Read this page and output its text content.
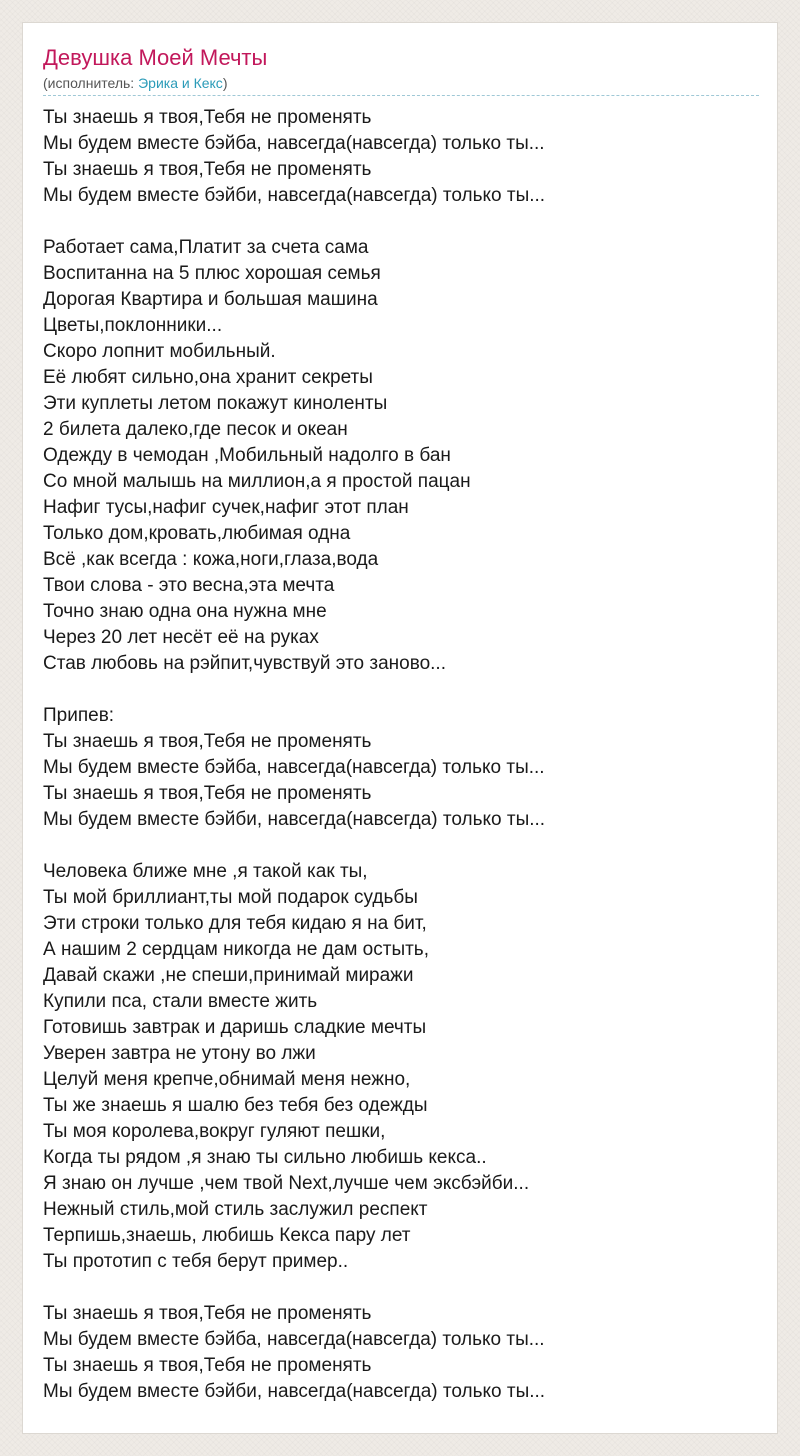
Девушка Моей Мечты
(исполнитель: Эрика и Кекс)
Ты знаешь я твоя,Тебя не променять
Мы будем вместе бэйба, навсегда(навсегда) только ты...
Ты знаешь я твоя,Тебя не променять
Мы будем вместе бэйби, навсегда(навсегда) только ты...
Работает сама,Платит за счета сама
Воспитанна на 5 плюс хорошая семья
Дорогая Квартира и большая машина
Цветы,поклонники...
Скоро лопнит мобильный.
Её любят сильно,она хранит секреты
Эти куплеты летом покажут киноленты
2 билета далеко,где песок и океан
Одежду в чемодан ,Мобильный надолго в бан
Со мной малышь на миллион,а я простой пацан
Нафиг тусы,нафиг сучек,нафиг этот план
Только дом,кровать,любимая одна
Всё ,как всегда : кожа,ноги,глаза,вода
Твои слова - это весна,эта мечта
Точно знаю одна она нужна мне
Через 20 лет несёт её на руках
Став любовь на рэйпит,чувствуй это заново...
Припев:
Ты знаешь я твоя,Тебя не променять
Мы будем вместе бэйба, навсегда(навсегда) только ты...
Ты знаешь я твоя,Тебя не променять
Мы будем вместе бэйби, навсегда(навсегда) только ты...
Человека ближе мне ,я такой как ты,
Ты мой бриллиант,ты мой подарок судьбы
Эти строки только для тебя кидаю я на бит,
А нашим 2 сердцам никогда не дам остыть,
Давай скажи ,не спеши,принимай миражи
Купили пса, стали вместе жить
Готовишь завтрак и даришь сладкие мечты
Уверен завтра не утону во лжи
Целуй меня крепче,обнимай меня нежно,
Ты же знаешь я шалю без тебя без одежды
Ты моя королева,вокруг гуляют пешки,
Когда ты рядом ,я знаю ты сильно любишь кекса..
Я знаю он лучше ,чем твой Next,лучше чем эксбэйби...
Нежный стиль,мой стиль заслужил респект
Терпишь,знаешь, любишь Кекса пару лет
Ты прототип с тебя берут пример..
Ты знаешь я твоя,Тебя не променять
Мы будем вместе бэйба, навсегда(навсегда) только ты...
Ты знаешь я твоя,Тебя не променять
Мы будем вместе бэйби, навсегда(навсегда) только ты...
